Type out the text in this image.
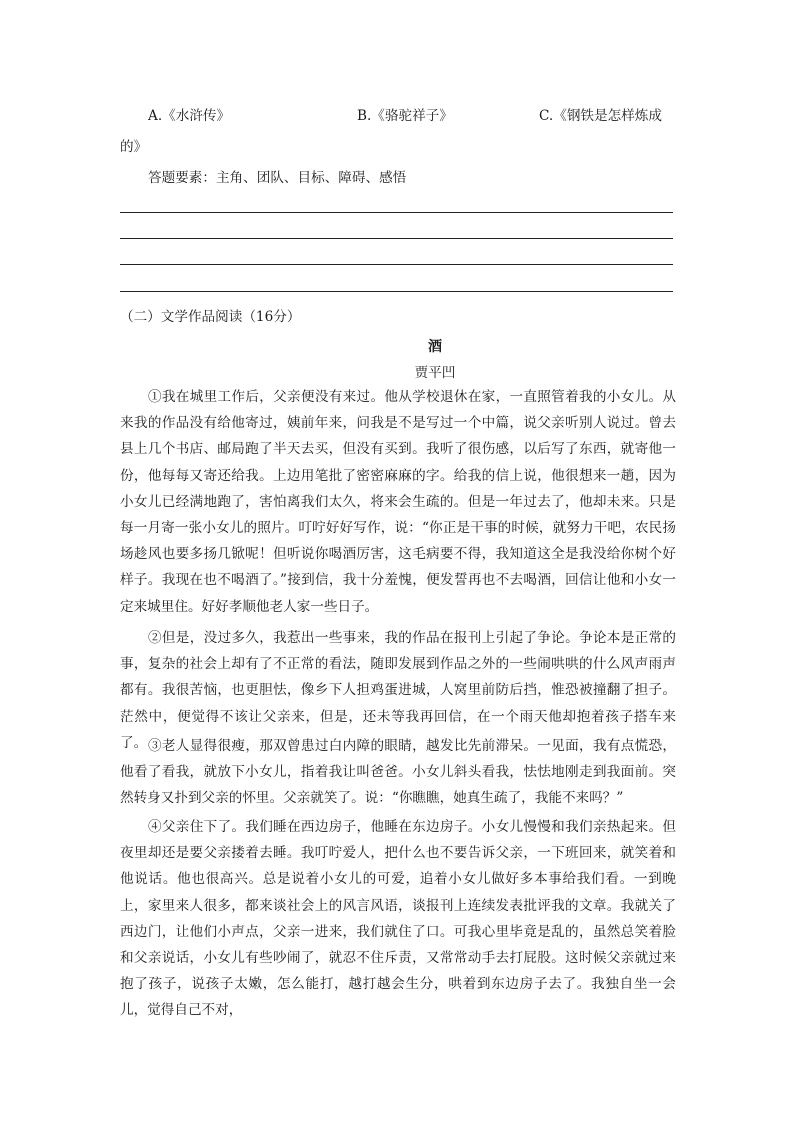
A.《水浒传》	B.《骆驼祥子》	C.《钢铁是怎样炼成
的》
答题要素：主角、团队、目标、障碍、感悟
（二）文学作品阅读（16分）
酒
贾平凹
①我在城里工作后，父亲便没有来过。他从学校退休在家，一直照管着我的小女儿。从来我的作品没有给他寄过，姨前年来，问我是不是写过一个中篇，说父亲听别人说过。曾去县上几个书店、邮局跑了半天去买，但没有买到。我听了很伤感，以后写了东西，就寄他一份，他每每又寄还给我。上边用笔批了密密麻麻的字。给我的信上说，他很想来一趟，因为小女儿已经满地跑了，害怕离我们太久，将来会生疏的。但是一年过去了，他却未来。只是每一月寄一张小女儿的照片。叮咛好好写作，说：“你正是干事的时候，就努力干吧，农民扬场趁风也要多扬几锨呢！但听说你喝酒厉害，这毛病要不得，我知道这全是我没给你树个好样子。我现在也不喝酒了。”接到信，我十分羞愧，便发誓再也不去喝酒，回信让他和小女一定来城里住。好好孝顺他老人家一些日子。
②但是，没过多久，我惹出一些事来，我的作品在报刊上引起了争论。争论本是正常的事，复杂的社会上却有了不正常的看法，随即发展到作品之外的一些闹哄哄的什么风声雨声都有。我很苦恼，也更胆怯，像乡下人担鸡蛋进城，人窝里前防后挡，惟恐被撞翻了担子。茫然中，便觉得不该让父亲来，但是，还未等我再回信，在一个雨天他却抱着孩子搭车来了。 ③老人显得很瘦，那双曾患过白内障的眼睛，越发比先前滞呆。一见面，我有点慌恐，他看了看我，就放下小女儿，指着我让叫爸爸。小女儿斜头看我，怯怯地刚走到我面前。突然转身又扑到父亲的怀里。父亲就笑了。说：“你瞧瞧，她真生疏了，我能不来吗？”
④父亲住下了。我们睡在西边房子，他睡在东边房子。小女儿慢慢和我们亲热起来。但夜里却还是要父亲搂着去睡。我叮咛爱人，把什么也不要告诉父亲，一下班回来，就笑着和他说话。他也很高兴。总是说着小女儿的可爱，追着小女儿做好多本事给我们看。一到晚上，家里来人很多，都来谈社会上的风言风语，谈报刊上连续发表批评我的文章。我就关了西边门，让他们小声点，父亲一进来，我们就住了口。可我心里毕竟是乱的，虽然总笑着脸和父亲说话，小女儿有些吵闹了，就忍不住斥责，又常常动手去打屁股。这时候父亲就过来抱了孩子，说孩子太嫩，怎么能打，越打越会生分，哄着到东边房子去了。我独自坐一会儿，觉得自己不对，
